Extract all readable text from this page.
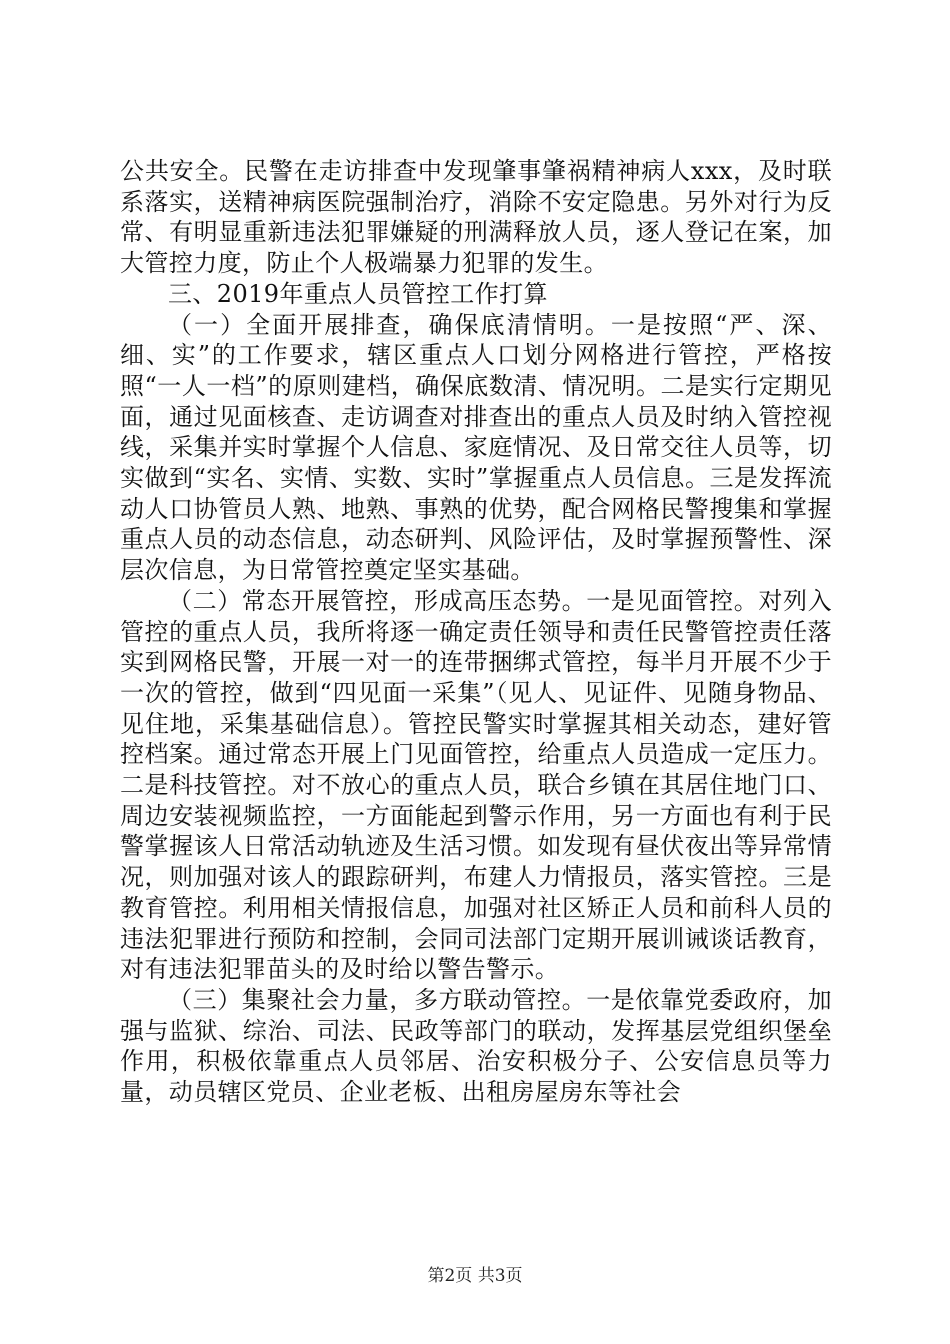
公共安全。民警在走访排查中发现肇事肇祸精神病人xxx，及时联系落实，送精神病医院强制治疗，消除不安定隐患。另外对行为反常、有明显重新违法犯罪嫌疑的刑满释放人员，逐人登记在案，加大管控力度，防止个人极端暴力犯罪的发生。

三、2019年重点人员管控工作打算

（一）全面开展排查，确保底清情明。一是按照“严、深、细、实”的工作要求，辖区重点人口划分网格进行管控，严格按照“一人一档”的原则建档，确保底数清、情况明。二是实行定期见面，通过见面核查、走访调查对排查出的重点人员及时纳入管控视线，采集并实时掌握个人信息、家庭情况、及日常交往人员等，切实做到“实名、实情、实数、实时”掌握重点人员信息。三是发挥流动人口协管员人熟、地熟、事熟的优势，配合网格民警搜集和掌握重点人员的动态信息，动态研判、风险评估，及时掌握预警性、深层次信息，为日常管控奠定坚实基础。

（二）常态开展管控，形成高压态势。一是见面管控。对列入管控的重点人员，我所将逐一确定责任领导和责任民警管控责任落实到网格民警，开展一对一的连带捆绑式管控，每半月开展不少于一次的管控，做到“四见面一采集”（见人、见证件、见随身物品、见住地，采集基础信息）。管控民警实时掌握其相关动态，建好管控档案。通过常态开展上门见面管控，给重点人员造成一定压力。二是科技管控。对不放心的重点人员，联合乡镇在其居住地门口、周边安装视频监控，一方面能起到警示作用，另一方面也有利于民警掌握该人日常活动轨迹及生活习惯。如发现有昼伏夜出等异常情况，则加强对该人的跟踪研判，布建人力情报员，落实管控。三是教育管控。利用相关情报信息，加强对社区矫正人员和前科人员的违法犯罪进行预防和控制，会同司法部门定期开展训诫谈话教育，对有违法犯罪苗头的及时给以警告警示。

（三）集聚社会力量，多方联动管控。一是依靠党委政府，加强与监狱、综治、司法、民政等部门的联动，发挥基层党组织堡垒作用，积极依靠重点人员邻居、治安积极分子、公安信息员等力量，动员辖区党员、企业老板、出租房屋房东等社会

第2页 共3页
